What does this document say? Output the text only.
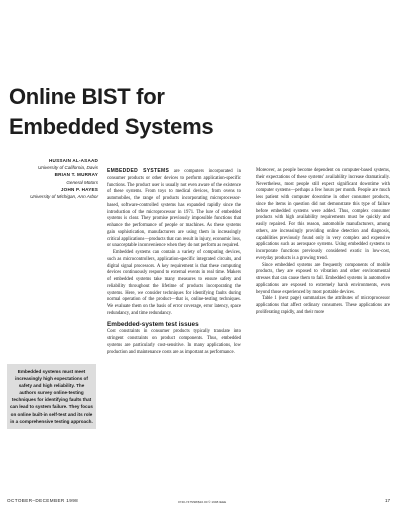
Online BIST for
Embedded Systems
HUSSAIN AL-ASAAD
University of California, Davis
BRIAN T. MURRAY
General Motors
JOHN P. HAYES
University of Michigan, Ann Arbor
Embedded systems must meet increasingly high expectations of safety and high reliability. The authors survey online-testing techniques for identifying faults that can lead to system failure. They focus on online built-in self-test and its role in a comprehensive testing approach.

EMBEDDED SYSTEMS are computers incorporated in consumer products or other devices to perform application-specific functions. The product user is usually not even aware of the existence of these systems. From toys to medical devices, from ovens to automobiles, the range of products incorporating microprocessor-based, software-controlled systems has expanded rapidly since the introduction of the microprocessor in 1971. The lure of embedded systems is clear. They promise previously impossible functions that enhance the performance of people or machines. As these systems gain sophistication, manufacturers are using them in increasingly critical applications—products that can result in injury, economic loss, or unacceptable inconvenience when they do not perform as required.

Embedded systems can contain a variety of computing devices, such as microcontrollers, application-specific integrated circuits, and digital signal processors. A key requirement is that these computing devices continuously respond to external events in real time. Makers of embedded systems take many measures to ensure safety and reliability throughout the lifetime of products incorporating the systems. Here, we consider techniques for identifying faults during normal operation of the product—that is, online-testing techniques. We evaluate them on the basis of error coverage, error latency, space redundancy, and time redundancy.

Embedded-system test issues

Cost constraints in consumer products typically translate into stringent constraints on product components. Thus, embedded systems are particularly cost-sensitive. In many applications, low production and maintenance costs are as important as performance.

Moreover, as people become dependent on computer-based systems, their expectations of these systems' availability increase dramatically. Nevertheless, most people still expect significant downtime with computer systems—perhaps a few hours per month. People are much less patient with computer downtime in other consumer products, since the items in question did not demonstrate this type of failure before embedded systems were added. Thus, complex consumer products with high availability requirements must be quickly and easily repaired. For this reason, automobile manufacturers, among others, are increasingly providing online detection and diagnosis, capabilities previously found only in very complex and expensive applications such as aerospace systems. Using embedded systems to incorporate functions previously considered exotic in low-cost, everyday products is a growing trend.

Since embedded systems are frequently components of mobile products, they are exposed to vibration and other environmental stresses that can cause them to fail. Embedded systems in automotive applications are exposed to extremely harsh environments, even beyond those experienced by most portable devices.

Table 1 (next page) summarizes the attributes of microprocessor applications that affect ordinary consumers. These applications are proliferating rapidly, and their more

OCTOBER–DECEMBER 1998	0740-7475/98/$10.00 © 1998 IEEE	17
